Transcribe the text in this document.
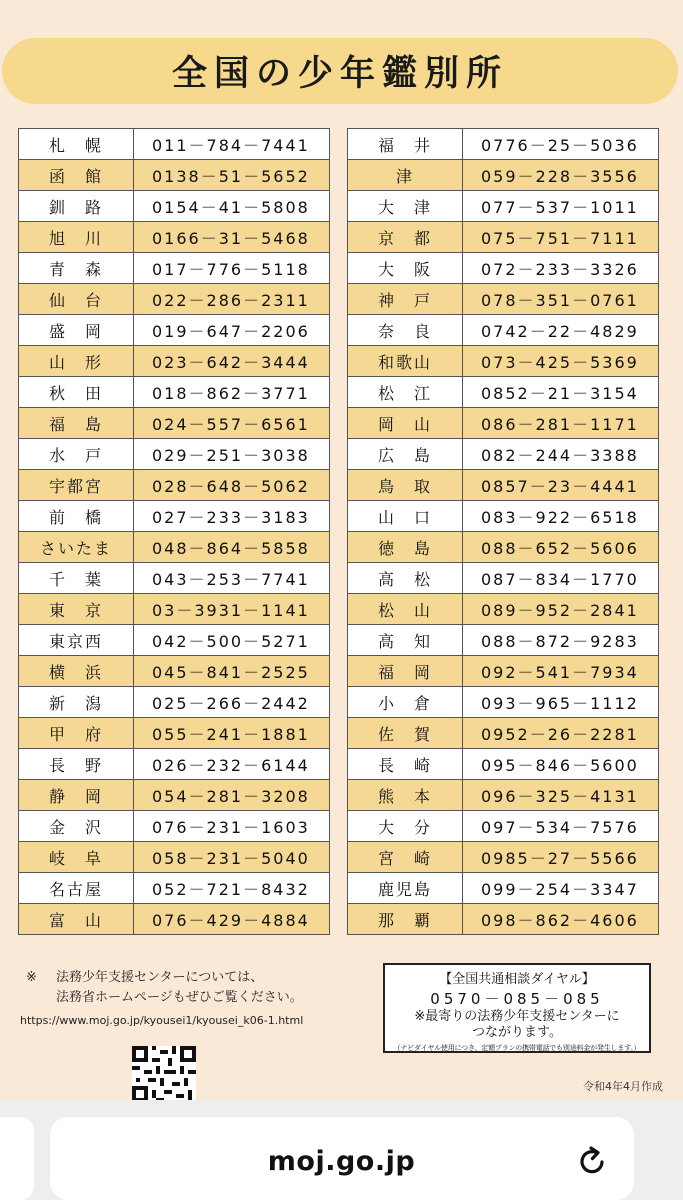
全国の少年鑑別所
札　幌	011－784－7441
函　館	0138－51－5652
釧　路	0154－41－5808
旭　川	0166－31－5468
青　森	017－776－5118
仙　台	022－286－2311
盛　岡	019－647－2206
山　形	023－642－3444
秋　田	018－862－3771
福　島	024－557－6561
水　戸	029－251－3038
宇都宮	028－648－5062
前　橋	027－233－3183
さいたま	048－864－5858
千　葉	043－253－7741
東　京	03－3931－1141
東京西	042－500－5271
横　浜	045－841－2525
新　潟	025－266－2442
甲　府	055－241－1881
長　野	026－232－6144
静　岡	054－281－3208
金　沢	076－231－1603
岐　阜	058－231－5040
名古屋	052－721－8432
富　山	076－429－4884
福　井	0776－25－5036
津	059－228－3556
大　津	077－537－1011
京　都	075－751－7111
大　阪	072－233－3326
神　戸	078－351－0761
奈　良	0742－22－4829
和歌山	073－425－5369
松　江	0852－21－3154
岡　山	086－281－1171
広　島	082－244－3388
鳥　取	0857－23－4441
山　口	083－922－6518
徳　島	088－652－5606
高　松	087－834－1770
松　山	089－952－2841
高　知	088－872－9283
福　岡	092－541－7934
小　倉	093－965－1112
佐　賀	0952－26－2281
長　崎	095－846－5600
熊　本	096－325－4131
大　分	097－534－7576
宮　崎	0985－27－5566
鹿児島	099－254－3347
那　覇	098－862－4606
※ 法務少年支援センターについては、
法務省ホームページもぜひご覧ください。
https://www.moj.go.jp/kyousei1/kyousei_k06-1.html
【全国共通相談ダイヤル】
0570－085－085
※最寄りの法務少年支援センターに
つながります。
（ナビダイヤル使用につき、定額プランの携帯電話でも別途料金が発生します。）
令和4年4月作成
moj.go.jp
